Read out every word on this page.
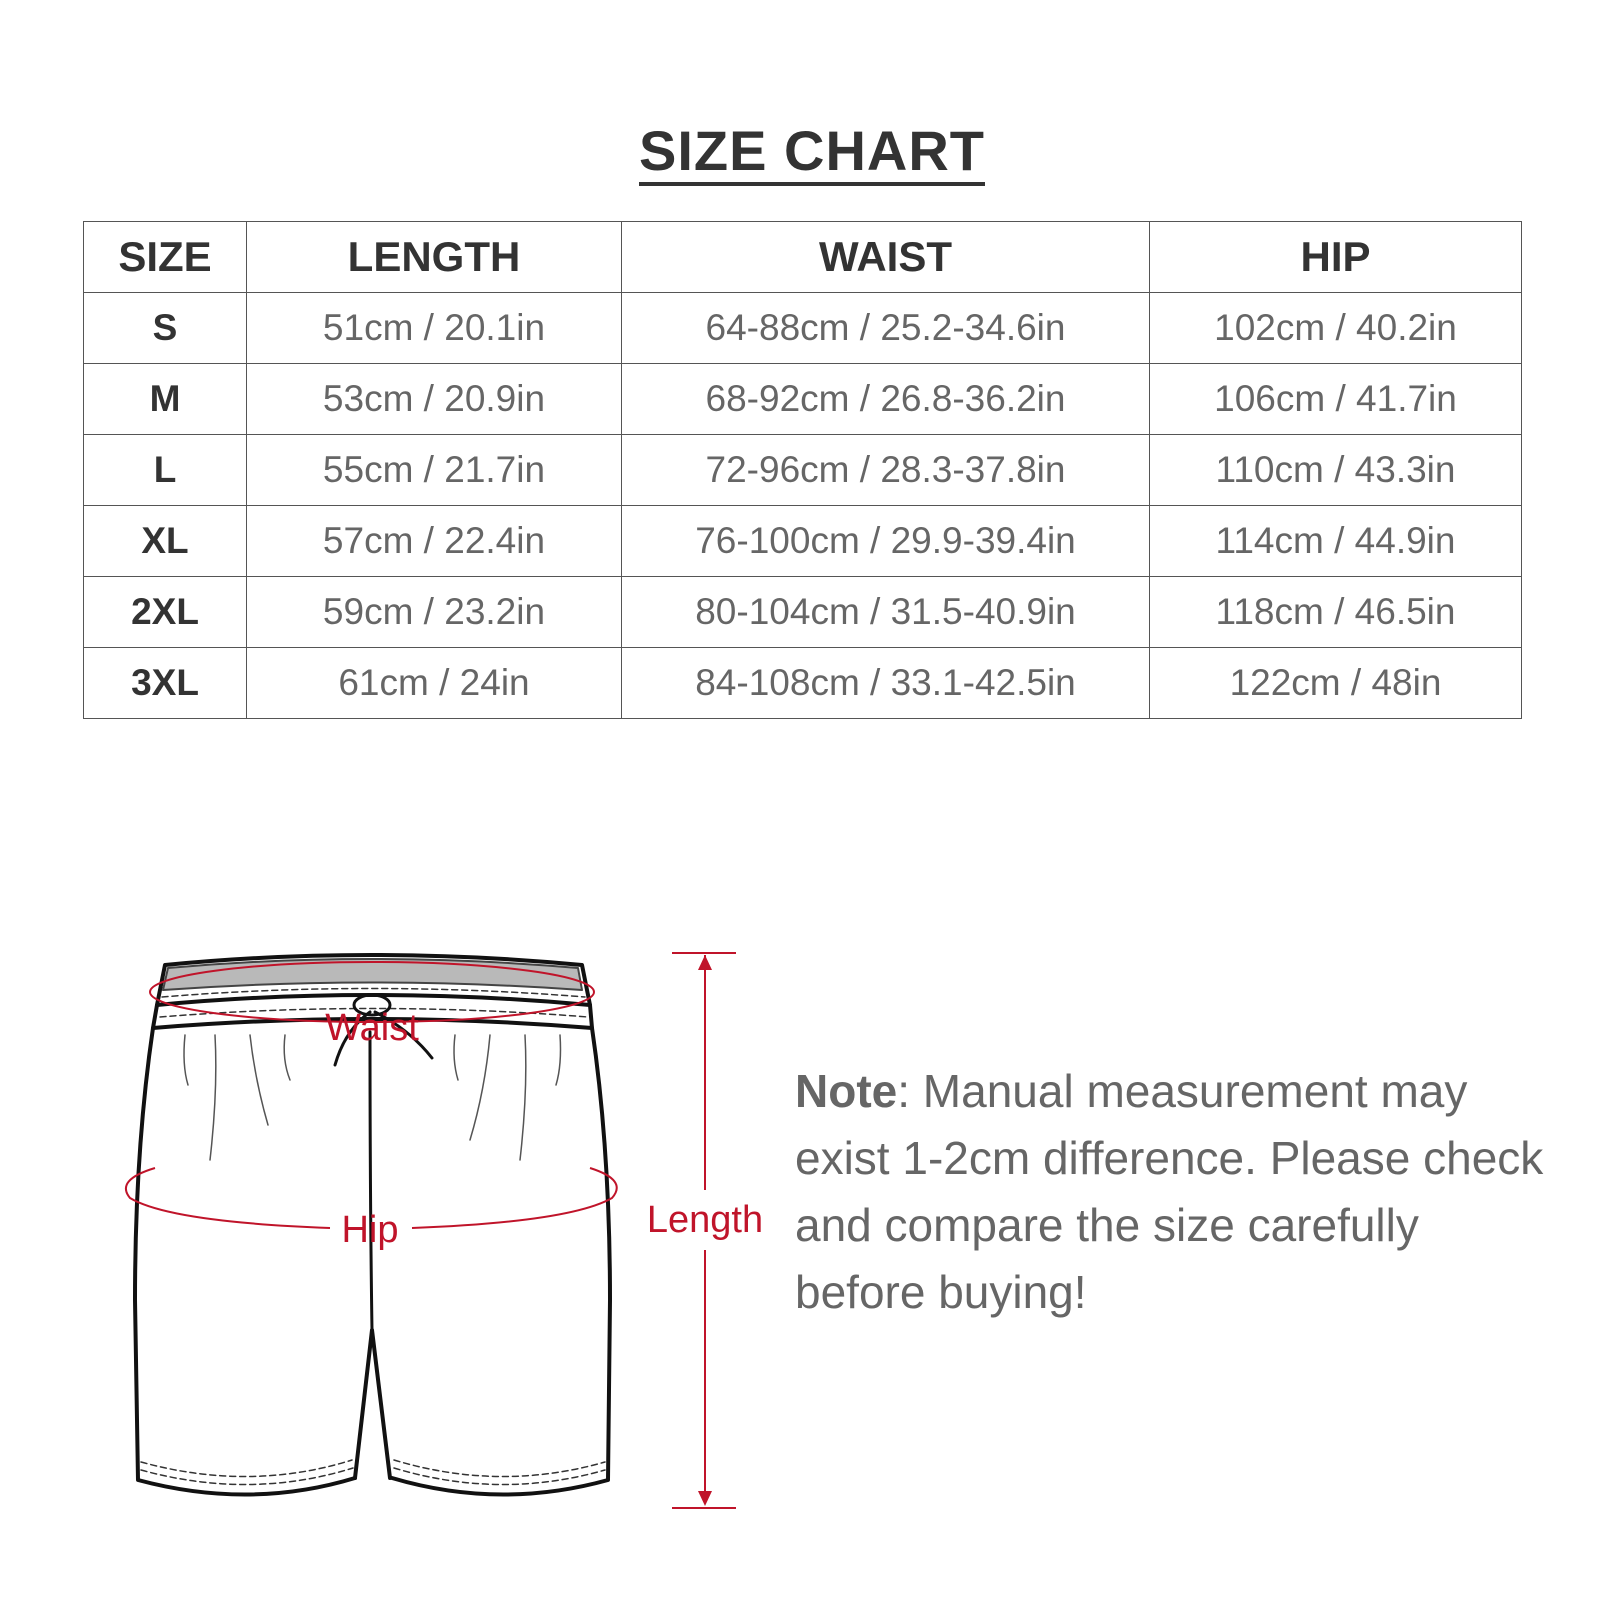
SIZE CHART
SIZE	LENGTH	WAIST	HIP
S	51cm / 20.1in	64-88cm / 25.2-34.6in	102cm / 40.2in
M	53cm / 20.9in	68-92cm / 26.8-36.2in	106cm / 41.7in
L	55cm / 21.7in	72-96cm / 28.3-37.8in	110cm / 43.3in
XL	57cm / 22.4in	76-100cm / 29.9-39.4in	114cm / 44.9in
2XL	59cm / 23.2in	80-104cm / 31.5-40.9in	118cm / 46.5in
3XL	61cm / 24in	84-108cm / 33.1-42.5in	122cm / 48in
Waist
Hip	Length
Note: Manual measurement may exist 1-2cm difference. Please check and compare the size carefully before buying!
